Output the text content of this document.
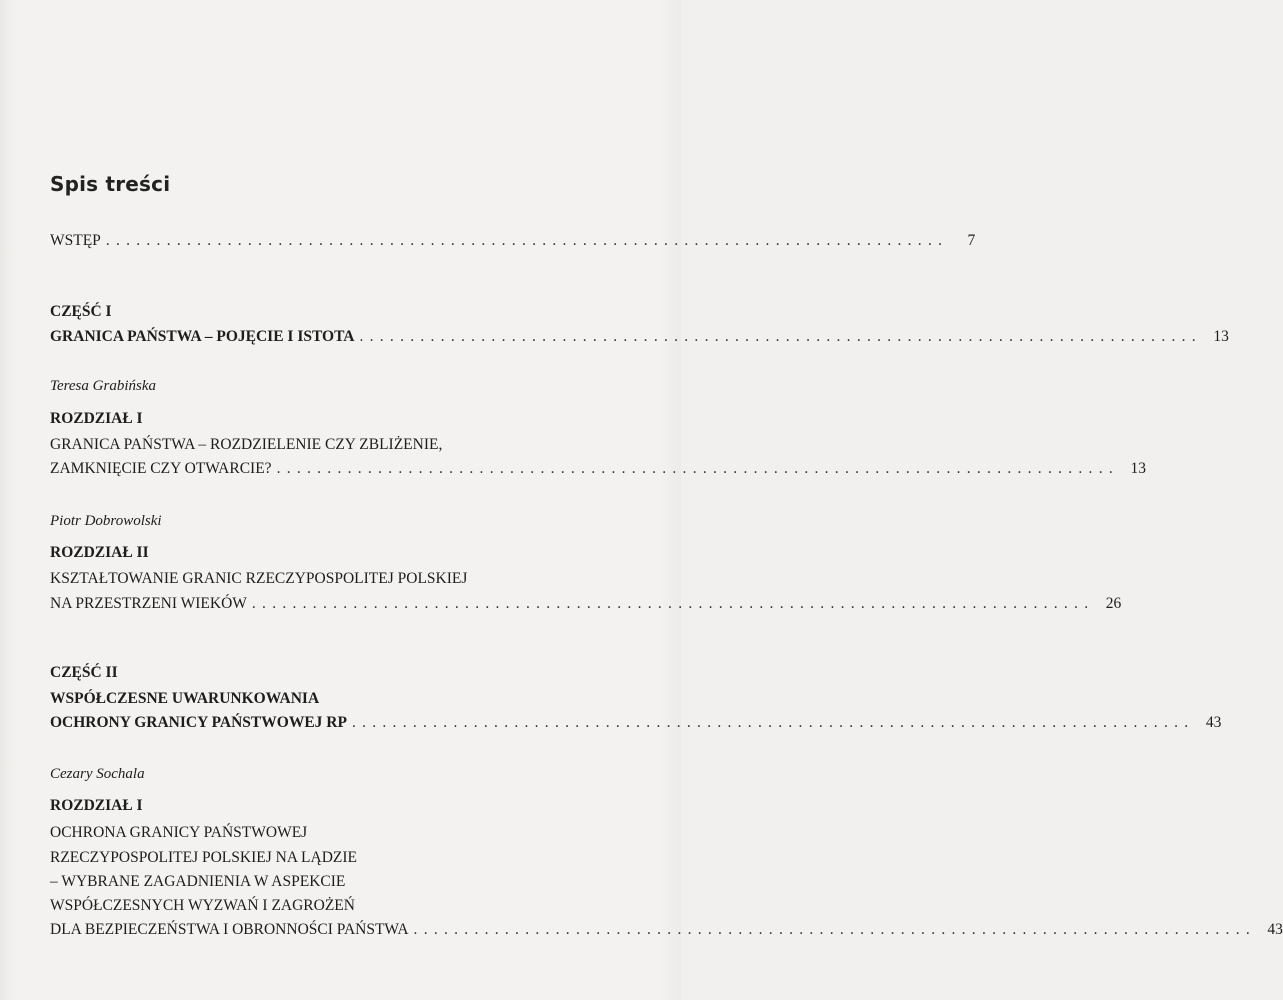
Spis treści
WSTĘP . . . . . . . . . . . . . . . . . . . . . . . . . . . . . . . . . . . . . . . . . . . . . . . . . . . . . . . . . . . . . . . . . . . . . . . . . . . . . . . . . . .	7
CZĘŚĆ I
GRANICA PAŃSTWA – POJĘCIE I ISTOTA . . . . . . . . . . . . . . . . . . . . . . . . . . . . . . . . . . . . . . . . . . . . . . . . . . . . . . . . . . . . . . . . . . . . . . . . . . . . . . . . . . .	13
Teresa Grabińska
ROZDZIAŁ I
GRANICA PAŃSTWA – ROZDZIELENIE CZY ZBLIŻENIE,
ZAMKNIĘCIE CZY OTWARCIE? . . . . . . . . . . . . . . . . . . . . . . . . . . . . . . . . . . . . . . . . . . . . . . . . . . . . . . . . . . . . . . . . . . . . . . . . . . . . . . . . . . .	13
Piotr Dobrowolski
ROZDZIAŁ II
KSZTAŁTOWANIE GRANIC RZECZYPOSPOLITEJ POLSKIEJ
NA PRZESTRZENI WIEKÓW . . . . . . . . . . . . . . . . . . . . . . . . . . . . . . . . . . . . . . . . . . . . . . . . . . . . . . . . . . . . . . . . . . . . . . . . . . . . . . . . . . .	26
CZĘŚĆ II
WSPÓŁCZESNE UWARUNKOWANIA
OCHRONY GRANICY PAŃSTWOWEJ RP . . . . . . . . . . . . . . . . . . . . . . . . . . . . . . . . . . . . . . . . . . . . . . . . . . . . . . . . . . . . . . . . . . . . . . . . . . . . . . . . . . .	43
Cezary Sochala
ROZDZIAŁ I
OCHRONA GRANICY PAŃSTWOWEJ
RZECZYPOSPOLITEJ POLSKIEJ NA LĄDZIE
– WYBRANE ZAGADNIENIA W ASPEKCIE
WSPÓŁCZESNYCH WYZWAŃ I ZAGROŻEŃ
DLA BEZPIECZEŃSTWA I OBRONNOŚCI PAŃSTWA . . . . . . . . . . . . . . . . . . . . . . . . . . . . . . . . . . . . . . . . . . . . . . . . . . . . . . . . . . . . . . . . . . . . . . . . . . . . . . . . . . .	43
